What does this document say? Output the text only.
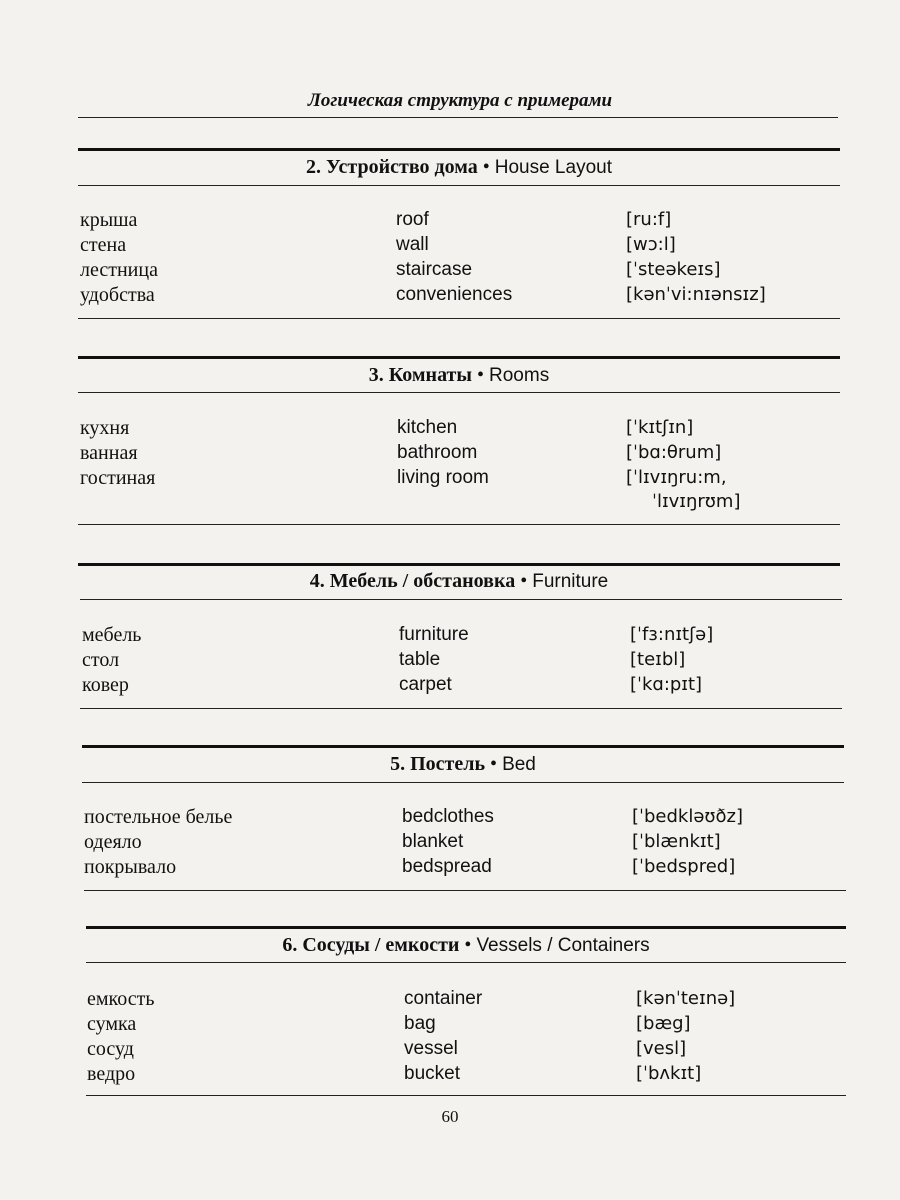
Логическая структура с примерами
2. Устройство дома • House Layout
крыша	roof	[ru:f]
стена	wall	[wɔ:l]
лестница	staircase	[ˈsteəkeɪs]
удобства	conveniences	[kənˈvi:nɪənsɪz]
3. Комнаты • Rooms
кухня	kitchen	[ˈkɪtʃɪn]
ванная	bathroom	[ˈbɑ:θrum]
гостиная	living room	[ˈlɪvɪŋru:m,
ˈlɪvɪŋrʊm]
4. Мебель / обстановка • Furniture
мебель	furniture	[ˈfɜ:nɪtʃə]
стол	table	[teɪbl]
ковер	carpet	[ˈkɑ:pɪt]
5. Постель • Bed
постельное белье	bedclothes	[ˈbedkləʊðz]
одеяло	blanket	[ˈblænkɪt]
покрывало	bedspread	[ˈbedspred]
6. Сосуды / емкости • Vessels / Containers
емкость	container	[kənˈteɪnə]
сумка	bag	[bæg]
сосуд	vessel	[vesl]
ведро	bucket	[ˈbʌkɪt]
60
